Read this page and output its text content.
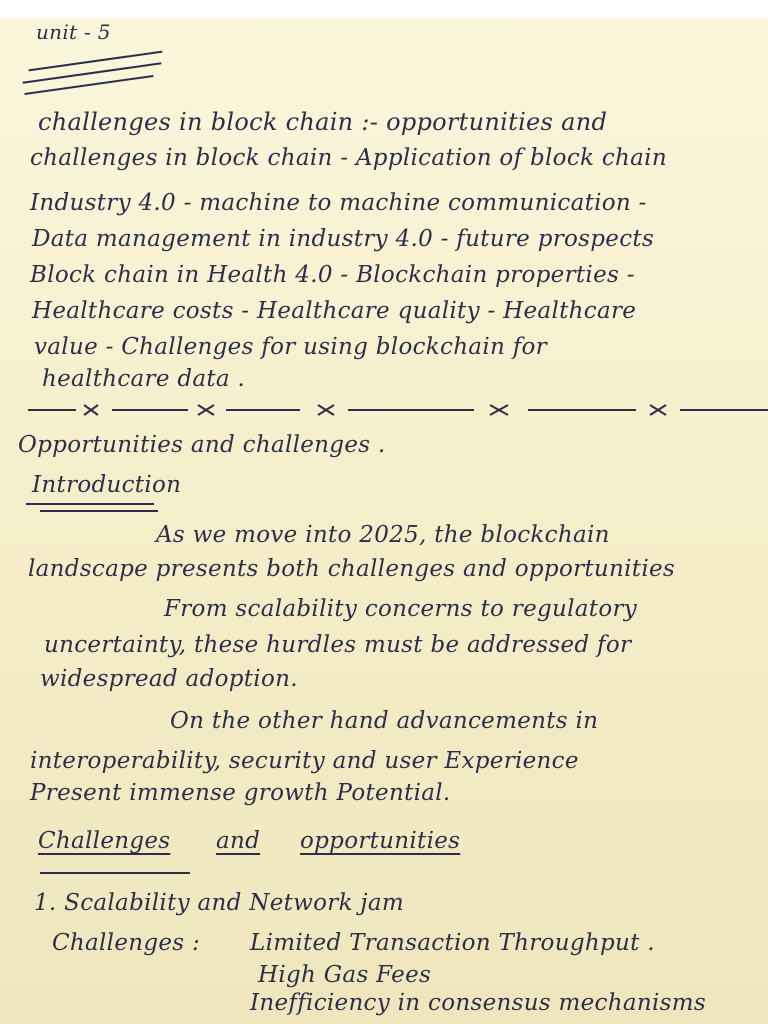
unit - 5
challenges in block chain :- opportunities and
challenges in block chain - Application of block chain
Industry 4.0 - machine to machine communication -
Data management in industry 4.0 - future prospects
Block chain in Health 4.0 - Blockchain properties -
Healthcare costs - Healthcare quality - Healthcare
value - Challenges for using blockchain for
healthcare data .
Opportunities and challenges .
Introduction
As we move into 2025, the blockchain
landscape presents both challenges and opportunities
From scalability concerns to regulatory
uncertainty, these hurdles must be addressed for
widespread adoption.
On the other hand advancements in
interoperability, security and user Experience
Present immense growth Potential.
Challenges and opportunities
1. Scalability and Network jam
Challenges : Limited Transaction Throughput .
High Gas Fees
Inefficiency in consensus mechanisms
